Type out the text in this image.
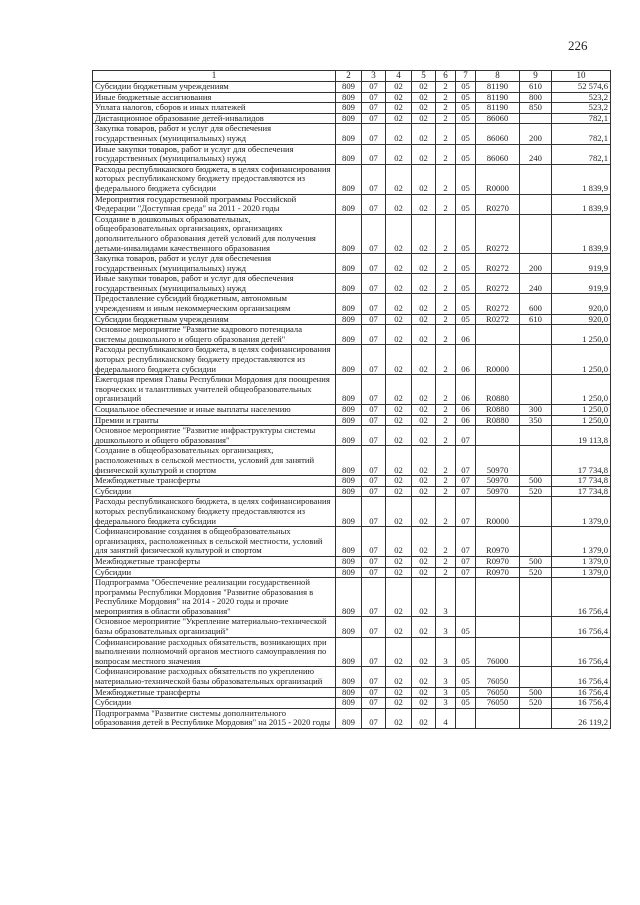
226
1	2	3	4	5	6	7	8	9	10
Субсидии бюджетным учреждениям	809	07	02	02	2	05	81190	610	52 574,6
Иные бюджетные ассигнования	809	07	02	02	2	05	81190	800	523,2
Уплата налогов, сборов и иных платежей	809	07	02	02	2	05	81190	850	523,2
Дистанционное образование детей-инвалидов	809	07	02	02	2	05	86060		782,1
Закупка товаров, работ и услуг для обеспечения государственных (муниципальных) нужд	809	07	02	02	2	05	86060	200	782,1
Иные закупки товаров, работ и услуг для обеспечения государственных (муниципальных) нужд	809	07	02	02	2	05	86060	240	782,1
Расходы республиканского бюджета, в целях софинансирования которых республиканскому бюджету предоставляются из федерального бюджета субсидии	809	07	02	02	2	05	R0000		1 839,9
Мероприятия государственной программы Российской Федерации "Доступная среда" на 2011 - 2020 годы	809	07	02	02	2	05	R0270		1 839,9
Создание в дошкольных образовательных, общеобразовательных организациях, организациях дополнительного образования детей условий для получения детьми-инвалидами качественного образования	809	07	02	02	2	05	R0272		1 839,9
Закупка товаров, работ и услуг для обеспечения государственных (муниципальных) нужд	809	07	02	02	2	05	R0272	200	919,9
Иные закупки товаров, работ и услуг для обеспечения государственных (муниципальных) нужд	809	07	02	02	2	05	R0272	240	919,9
Предоставление субсидий бюджетным, автономным учреждениям и иным некоммерческим организациям	809	07	02	02	2	05	R0272	600	920,0
Субсидии бюджетным учреждениям	809	07	02	02	2	05	R0272	610	920,0
Основное мероприятие "Развитие кадрового потенциала системы дошкольного и общего образования детей"	809	07	02	02	2	06			1 250,0
Расходы республиканского бюджета, в целях софинансирования которых республиканскому бюджету предоставляются из федерального бюджета субсидии	809	07	02	02	2	06	R0000		1 250,0
Ежегодная премия Главы Республики Мордовия для поощрения творческих и талантливых учителей общеобразовательных организаций	809	07	02	02	2	06	R0880		1 250,0
Социальное обеспечение и иные выплаты населению	809	07	02	02	2	06	R0880	300	1 250,0
Премии и гранты	809	07	02	02	2	06	R0880	350	1 250,0
Основное мероприятие "Развитие инфраструктуры системы дошкольного и общего образования"	809	07	02	02	2	07			19 113,8
Создание в общеобразовательных организациях, расположенных в сельской местности, условий для занятий физической культурой и спортом	809	07	02	02	2	07	50970		17 734,8
Межбюджетные трансферты	809	07	02	02	2	07	50970	500	17 734,8
Субсидии	809	07	02	02	2	07	50970	520	17 734,8
Расходы республиканского бюджета, в целях софинансирования которых республиканскому бюджету предоставляются из федерального бюджета субсидии	809	07	02	02	2	07	R0000		1 379,0
Софинансирование создания в общеобразовательных организациях, расположенных в сельской местности, условий для занятий физической культурой и спортом	809	07	02	02	2	07	R0970		1 379,0
Межбюджетные трансферты	809	07	02	02	2	07	R0970	500	1 379,0
Субсидии	809	07	02	02	2	07	R0970	520	1 379,0
Подпрограмма "Обеспечение реализации государственной программы Республики Мордовия "Развитие образования в Республике Мордовия" на 2014 - 2020 годы и прочие мероприятия в области образования"	809	07	02	02	3				16 756,4
Основное мероприятие "Укрепление материально-технической базы образовательных организаций"	809	07	02	02	3	05			16 756,4
Софинансирование расходных обязательств, возникающих при выполнении полномочий органов местного самоуправления по вопросам местного значения	809	07	02	02	3	05	76000		16 756,4
Софинансирование расходных обязательств по укреплению материально-технической базы образовательных организаций	809	07	02	02	3	05	76050		16 756,4
Межбюджетные трансферты	809	07	02	02	3	05	76050	500	16 756,4
Субсидии	809	07	02	02	3	05	76050	520	16 756,4
Подпрограмма "Развитие системы дополнительного образования детей в Республике Мордовия" на 2015 - 2020 годы	809	07	02	02	4				26 119,2
